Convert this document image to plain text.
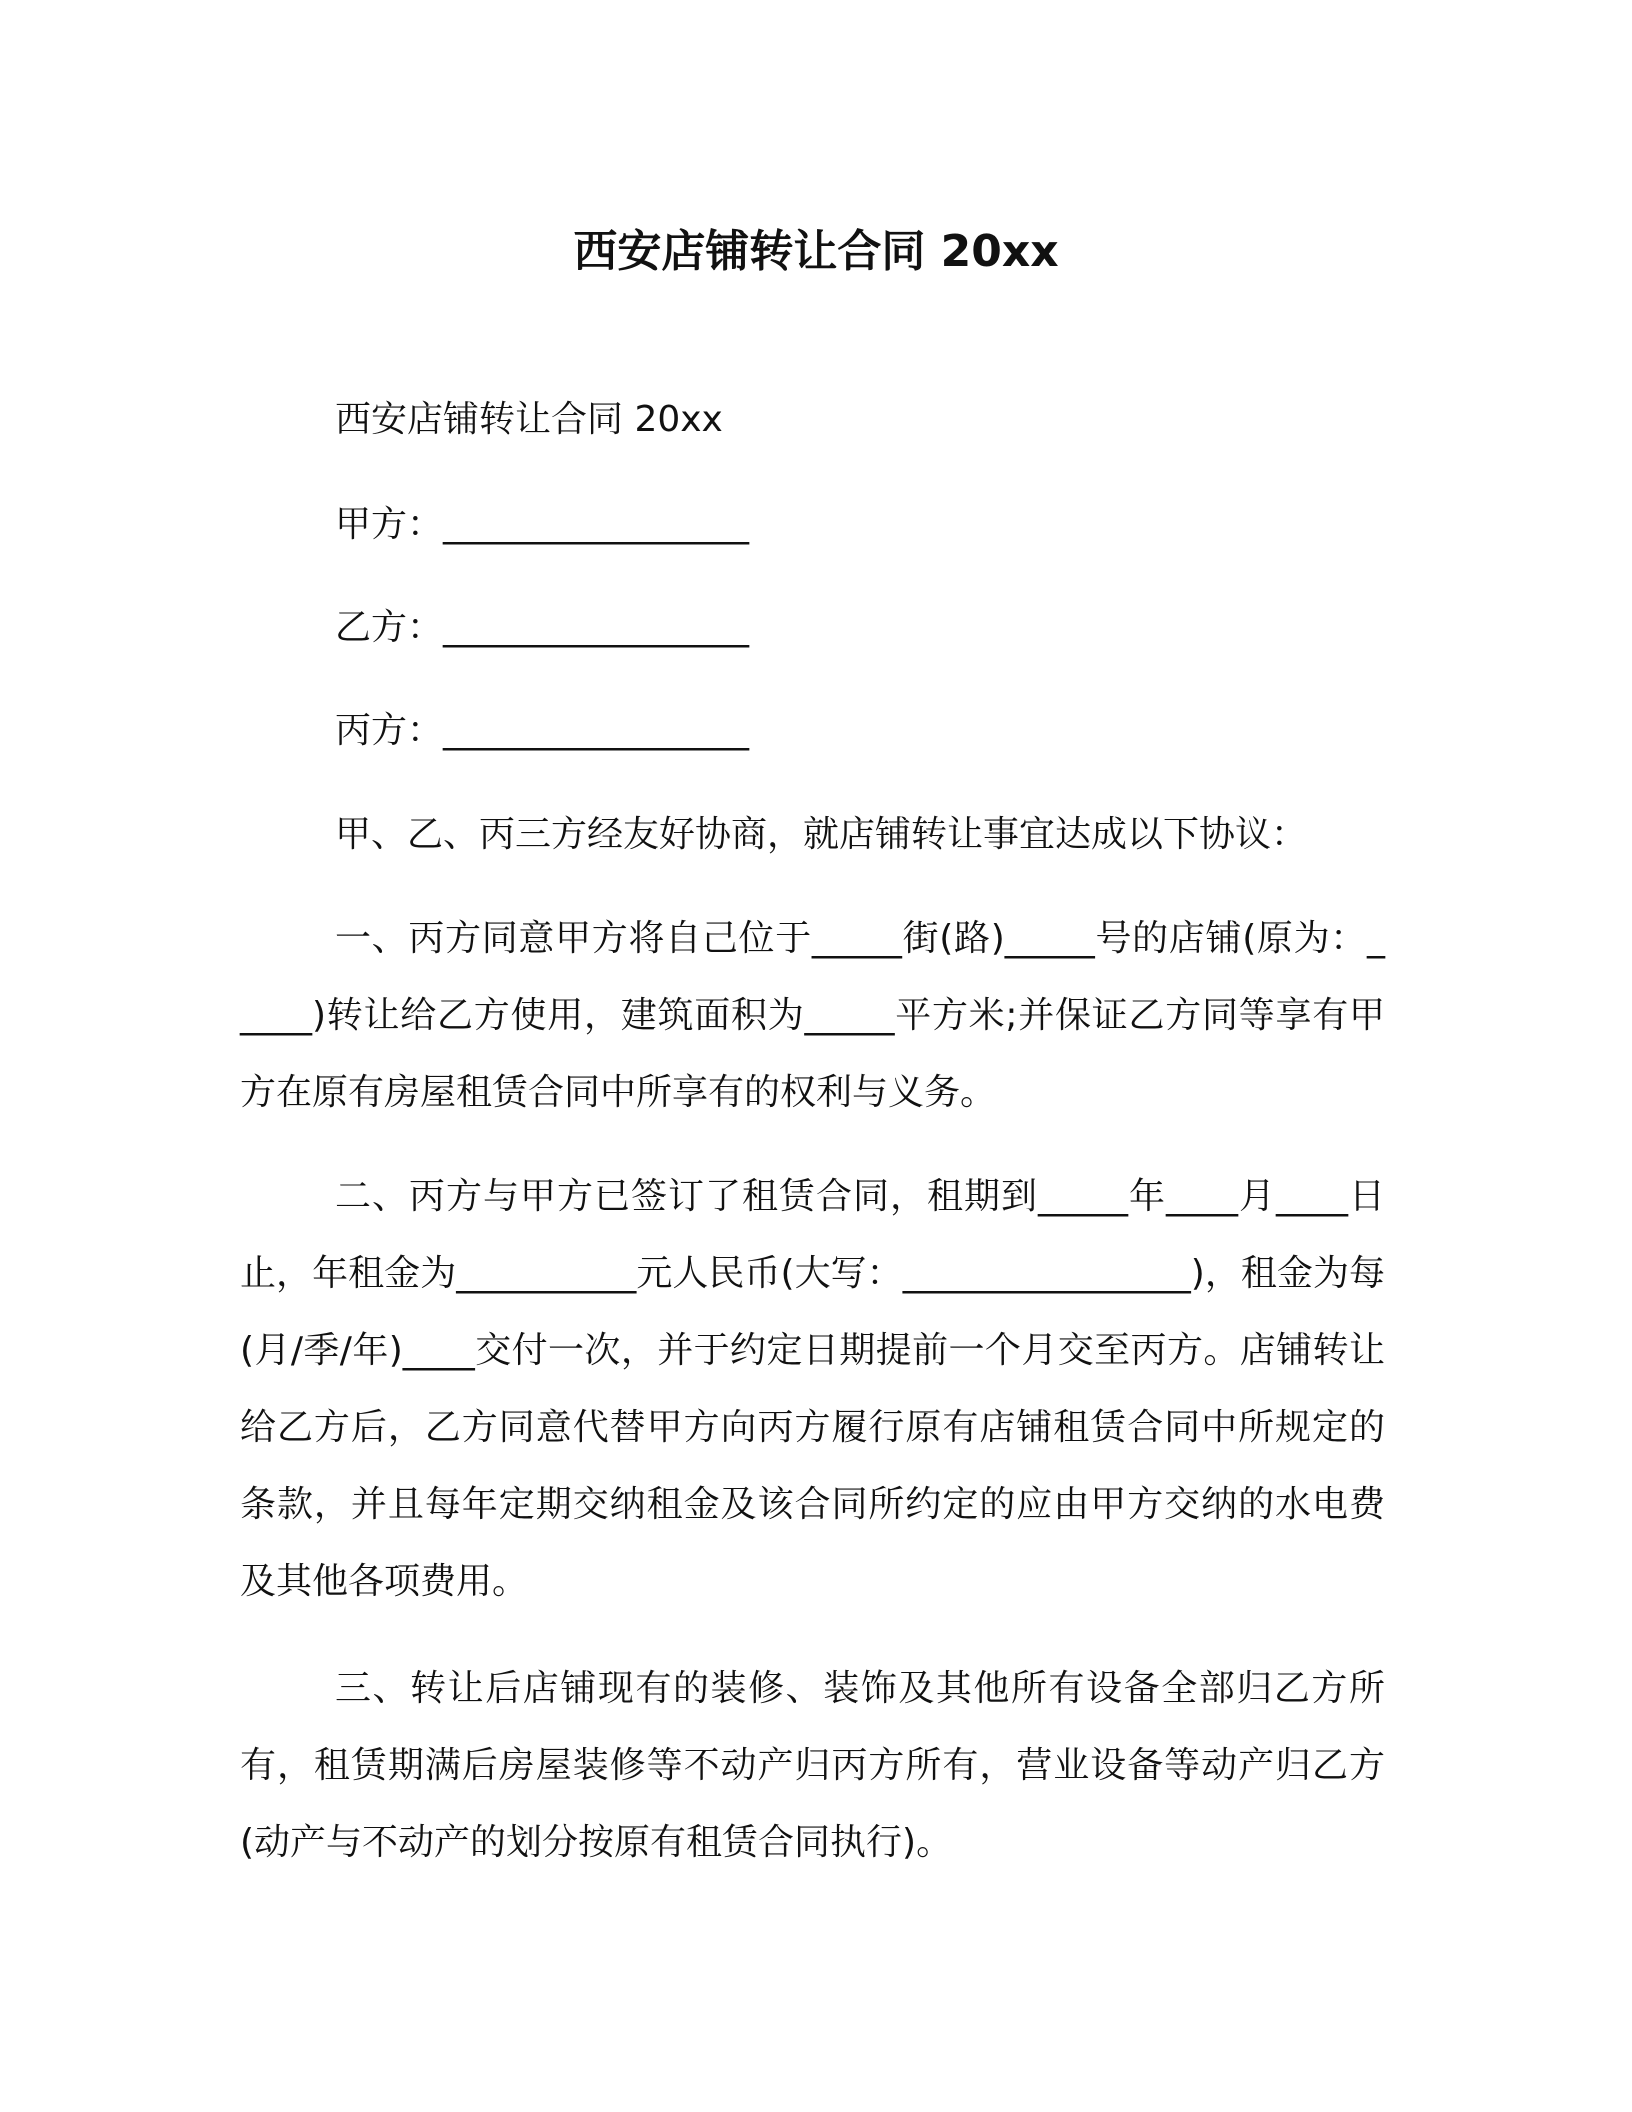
西安店铺转让合同 20xx
西安店铺转让合同 20xx
甲方：_________________
乙方：_________________
丙方：_________________
甲、乙、丙三方经友好协商，就店铺转让事宜达成以下协议：

一、丙方同意甲方将自己位于_____街(路)_____号的店铺(原为：_____)转让给乙方使用，建筑面积为_____平方米;并保证乙方同等享有甲方在原有房屋租赁合同中所享有的权利与义务。

二、丙方与甲方已签订了租赁合同，租期到_____年____月____日止，年租金为__________元人民币(大写：________________)，租金为每(月/季/年)____交付一次，并于约定日期提前一个月交至丙方。店铺转让给乙方后，乙方同意代替甲方向丙方履行原有店铺租赁合同中所规定的条款，并且每年定期交纳租金及该合同所约定的应由甲方交纳的水电费及其他各项费用。

三、转让后店铺现有的装修、装饰及其他所有设备全部归乙方所有，租赁期满后房屋装修等不动产归丙方所有，营业设备等动产归乙方(动产与不动产的划分按原有租赁合同执行)。
